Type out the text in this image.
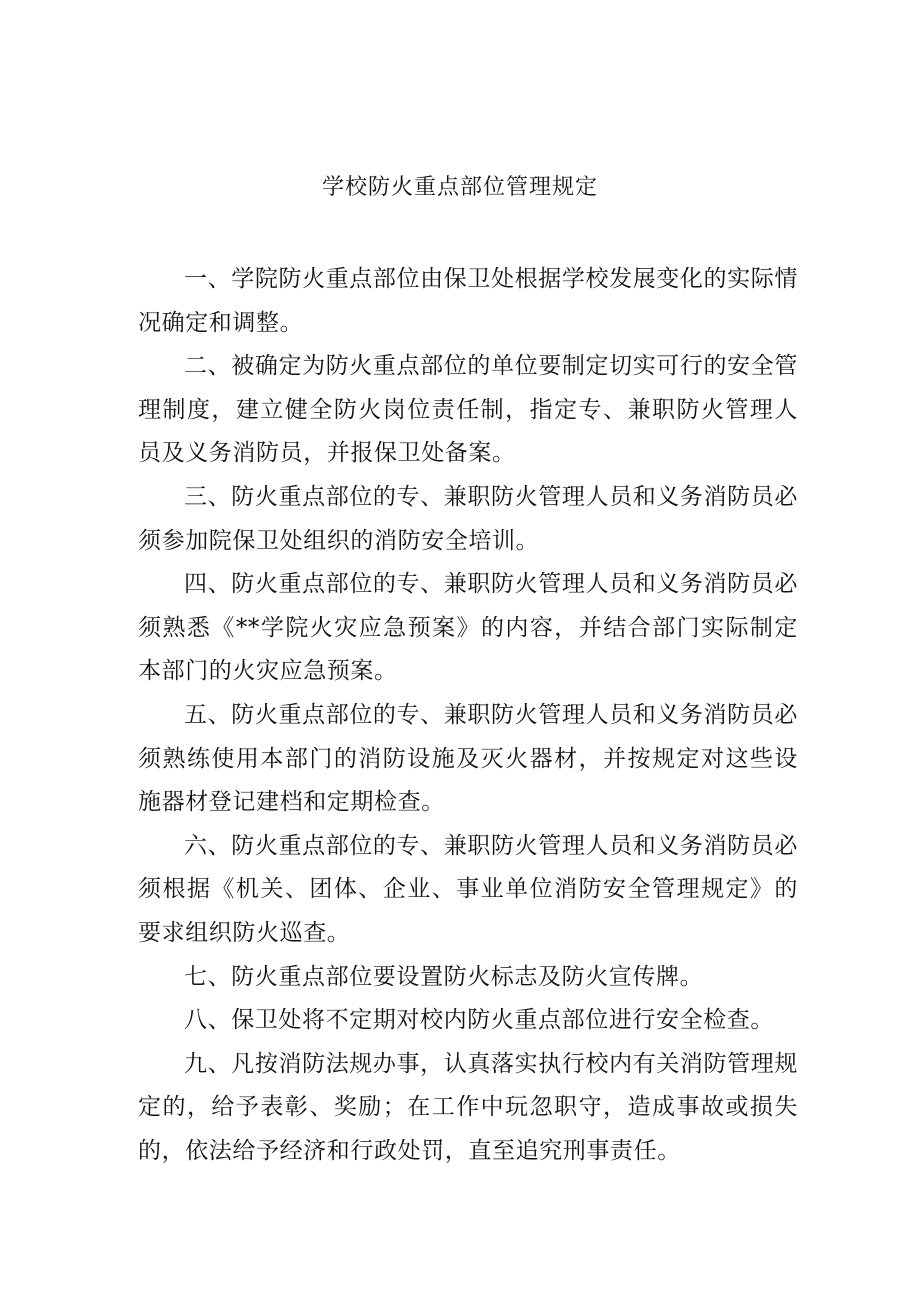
学校防火重点部位管理规定

一、学院防火重点部位由保卫处根据学校发展变化的实际情况确定和调整。

二、被确定为防火重点部位的单位要制定切实可行的安全管理制度，建立健全防火岗位责任制，指定专、兼职防火管理人员及义务消防员，并报保卫处备案。

三、防火重点部位的专、兼职防火管理人员和义务消防员必须参加院保卫处组织的消防安全培训。

四、防火重点部位的专、兼职防火管理人员和义务消防员必须熟悉《**学院火灾应急预案》的内容，并结合部门实际制定本部门的火灾应急预案。

五、防火重点部位的专、兼职防火管理人员和义务消防员必须熟练使用本部门的消防设施及灭火器材，并按规定对这些设施器材登记建档和定期检查。

六、防火重点部位的专、兼职防火管理人员和义务消防员必须根据《机关、团体、企业、事业单位消防安全管理规定》的要求组织防火巡查。

七、防火重点部位要设置防火标志及防火宣传牌。

八、保卫处将不定期对校内防火重点部位进行安全检查。

九、凡按消防法规办事，认真落实执行校内有关消防管理规定的，给予表彰、奖励；在工作中玩忽职守，造成事故或损失的，依法给予经济和行政处罚，直至追究刑事责任。
